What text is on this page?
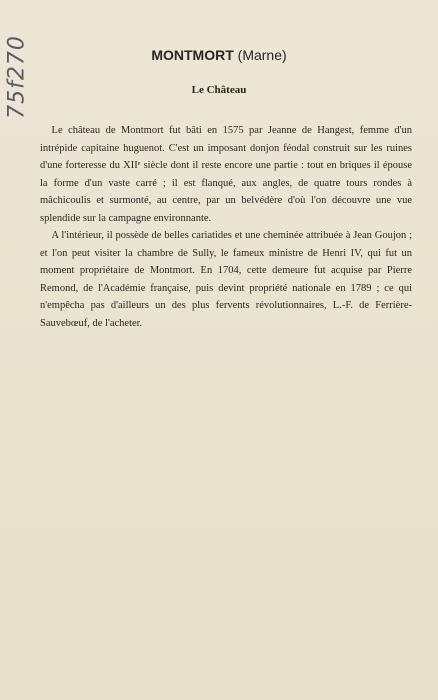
75f270	MONTMORT (Marne)
Le Château

Le château de Montmort fut bâti en 1575 par Jeanne de Hangest, femme d'un intrépide capitaine huguenot. C'est un imposant donjon féodal construit sur les ruines d'une forteresse du XIIᵉ siècle dont il reste encore une partie : tout en briques il épouse la forme d'un vaste carré ; il est flanqué, aux angles, de quatre tours rondes à mâchicoulis et surmonté, au centre, par un belvédère d'où l'on découvre une vue splendide sur la campagne environnante.

A l'intérieur, il possède de belles cariatides et une cheminée attribuée à Jean Goujon ; et l'on peut visiter la chambre de Sully, le fameux ministre de Henri IV, qui fut un moment propriétaire de Montmort. En 1704, cette demeure fut acquise par Pierre Remond, de l'Académie française, puis devint propriété nationale en 1789 ; ce qui n'empêcha pas d'ailleurs un des plus fervents révolutionnaires, L.-F. de Ferrière-Sauvebœuf, de l'acheter.
